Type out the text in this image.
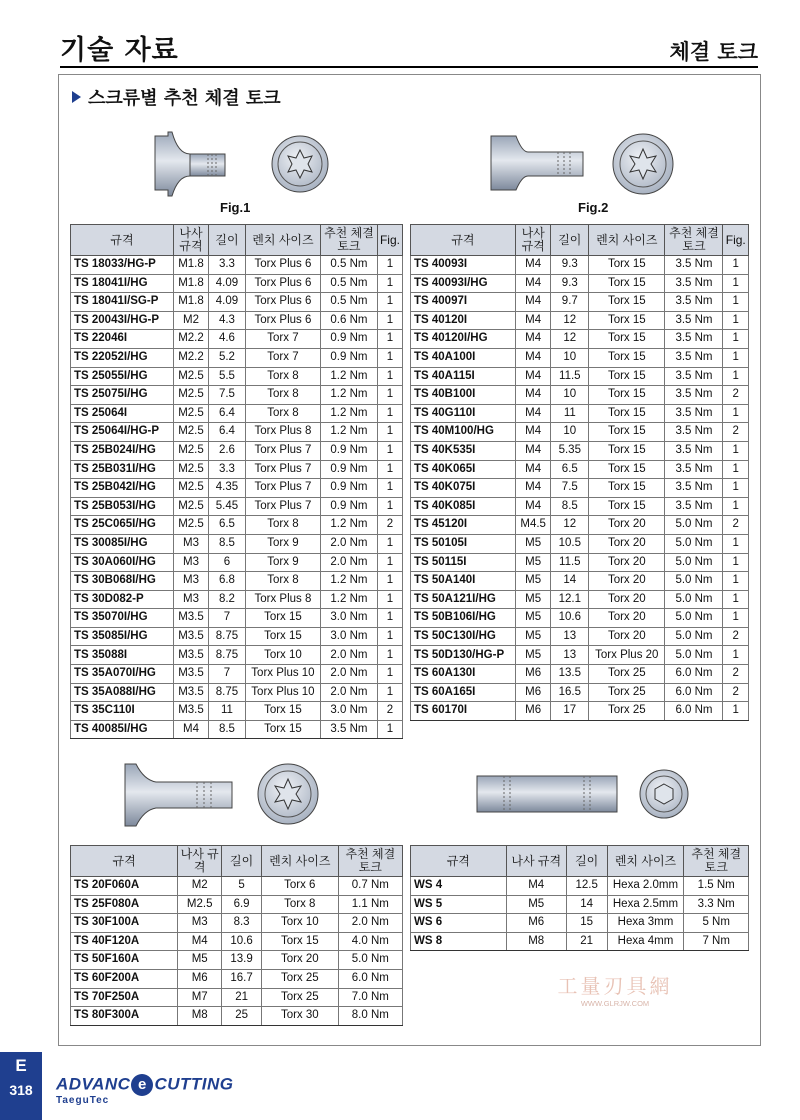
기술 자료	체결 토크
스크류별 추천 체결 토크
Fig.1	Fig.2
규격	나사 규격	길이	렌치 사이즈	추천 체결 토크	Fig.
TS 18033/HG-P	M1.8	3.3	Torx Plus 6	0.5 Nm	1
TS 18041I/HG	M1.8	4.09	Torx Plus 6	0.5 Nm	1
TS 18041I/SG-P	M1.8	4.09	Torx Plus 6	0.5 Nm	1
TS 20043I/HG-P	M2	4.3	Torx Plus 6	0.6 Nm	1
TS 22046I	M2.2	4.6	Torx 7	0.9 Nm	1
TS 22052I/HG	M2.2	5.2	Torx 7	0.9 Nm	1
TS 25055I/HG	M2.5	5.5	Torx 8	1.2 Nm	1
TS 25075I/HG	M2.5	7.5	Torx 8	1.2 Nm	1
TS 25064I	M2.5	6.4	Torx 8	1.2 Nm	1
TS 25064I/HG-P	M2.5	6.4	Torx Plus 8	1.2 Nm	1
TS 25B024I/HG	M2.5	2.6	Torx Plus 7	0.9 Nm	1
TS 25B031I/HG	M2.5	3.3	Torx Plus 7	0.9 Nm	1
TS 25B042I/HG	M2.5	4.35	Torx Plus 7	0.9 Nm	1
TS 25B053I/HG	M2.5	5.45	Torx Plus 7	0.9 Nm	1
TS 25C065I/HG	M2.5	6.5	Torx 8	1.2 Nm	2
TS 30085I/HG	M3	8.5	Torx 9	2.0 Nm	1
TS 30A060I/HG	M3	6	Torx 9	2.0 Nm	1
TS 30B068I/HG	M3	6.8	Torx 8	1.2 Nm	1
TS 30D082-P	M3	8.2	Torx Plus 8	1.2 Nm	1
TS 35070I/HG	M3.5	7	Torx 15	3.0 Nm	1
TS 35085I/HG	M3.5	8.75	Torx 15	3.0 Nm	1
TS 35088I	M3.5	8.75	Torx 10	2.0 Nm	1
TS 35A070I/HG	M3.5	7	Torx Plus 10	2.0 Nm	1
TS 35A088I/HG	M3.5	8.75	Torx Plus 10	2.0 Nm	1
TS 35C110I	M3.5	11	Torx 15	3.0 Nm	2
TS 40085I/HG	M4	8.5	Torx 15	3.5 Nm	1
규격	나사 규격	길이	렌치 사이즈	추천 체결 토크	Fig.
TS 40093I	M4	9.3	Torx 15	3.5 Nm	1
TS 40093I/HG	M4	9.3	Torx 15	3.5 Nm	1
TS 40097I	M4	9.7	Torx 15	3.5 Nm	1
TS 40120I	M4	12	Torx 15	3.5 Nm	1
TS 40120I/HG	M4	12	Torx 15	3.5 Nm	1
TS 40A100I	M4	10	Torx 15	3.5 Nm	1
TS 40A115I	M4	11.5	Torx 15	3.5 Nm	1
TS 40B100I	M4	10	Torx 15	3.5 Nm	2
TS 40G110I	M4	11	Torx 15	3.5 Nm	1
TS 40M100/HG	M4	10	Torx 15	3.5 Nm	2
TS 40K535I	M4	5.35	Torx 15	3.5 Nm	1
TS 40K065I	M4	6.5	Torx 15	3.5 Nm	1
TS 40K075I	M4	7.5	Torx 15	3.5 Nm	1
TS 40K085I	M4	8.5	Torx 15	3.5 Nm	1
TS 45120I	M4.5	12	Torx 20	5.0 Nm	2
TS 50105I	M5	10.5	Torx 20	5.0 Nm	1
TS 50115I	M5	11.5	Torx 20	5.0 Nm	1
TS 50A140I	M5	14	Torx 20	5.0 Nm	1
TS 50A121I/HG	M5	12.1	Torx 20	5.0 Nm	1
TS 50B106I/HG	M5	10.6	Torx 20	5.0 Nm	1
TS 50C130I/HG	M5	13	Torx 20	5.0 Nm	2
TS 50D130/HG-P	M5	13	Torx Plus 20	5.0 Nm	1
TS 60A130I	M6	13.5	Torx 25	6.0 Nm	2
TS 60A165I	M6	16.5	Torx 25	6.0 Nm	2
TS 60170I	M6	17	Torx 25	6.0 Nm	1
규격	나사 규격	길이	렌치 사이즈	추천 체결 토크
TS 20F060A	M2	5	Torx 6	0.7 Nm
TS 25F080A	M2.5	6.9	Torx 8	1.1 Nm
TS 30F100A	M3	8.3	Torx 10	2.0 Nm
TS 40F120A	M4	10.6	Torx 15	4.0 Nm
TS 50F160A	M5	13.9	Torx 20	5.0 Nm
TS 60F200A	M6	16.7	Torx 25	6.0 Nm
TS 70F250A	M7	21	Torx 25	7.0 Nm
TS 80F300A	M8	25	Torx 30	8.0 Nm
규격	나사 규격	길이	렌치 사이즈	추천 체결 토크
WS 4	M4	12.5	Hexa 2.0mm	1.5 Nm
WS 5	M5	14	Hexa 2.5mm	3.3 Nm
WS 6	M6	15	Hexa 3mm	5 Nm
WS 8	M8	21	Hexa 4mm	7 Nm
工量刃具網
WWW.GLRJW.COM
E
318	ADVANC e CUTTING
TaeguTec
